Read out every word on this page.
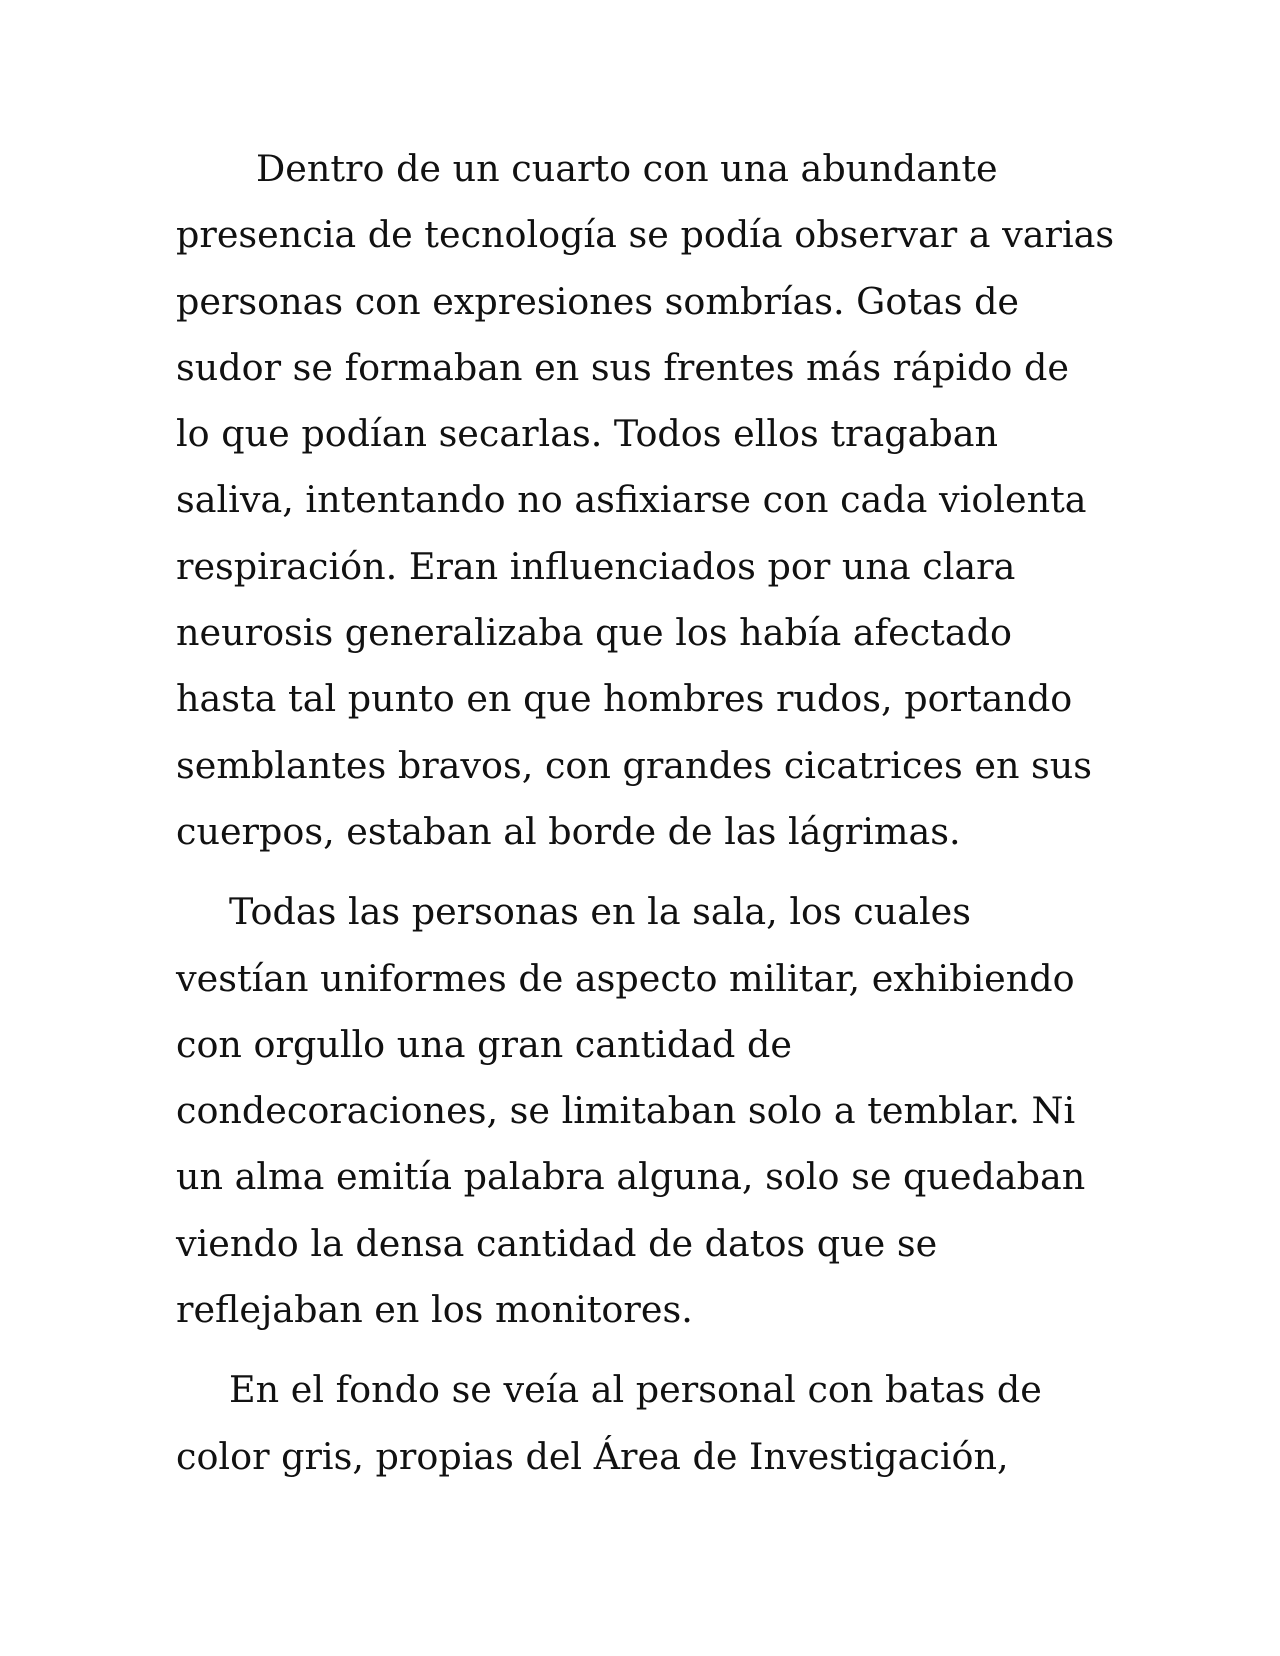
Dentro de un cuarto con una abundante
presencia de tecnología se podía observar a varias
personas con expresiones sombrías. Gotas de
sudor se formaban en sus frentes más rápido de
lo que podían secarlas. Todos ellos tragaban
saliva, intentando no asfixiarse con cada violenta
respiración. Eran influenciados por una clara
neurosis generalizaba que los había afectado
hasta tal punto en que hombres rudos, portando
semblantes bravos, con grandes cicatrices en sus
cuerpos, estaban al borde de las lágrimas.

Todas las personas en la sala, los cuales
vestían uniformes de aspecto militar, exhibiendo
con orgullo una gran cantidad de
condecoraciones, se limitaban solo a temblar. Ni
un alma emitía palabra alguna, solo se quedaban
viendo la densa cantidad de datos que se
reflejaban en los monitores.

En el fondo se veía al personal con batas de
color gris, propias del Área de Investigación,
